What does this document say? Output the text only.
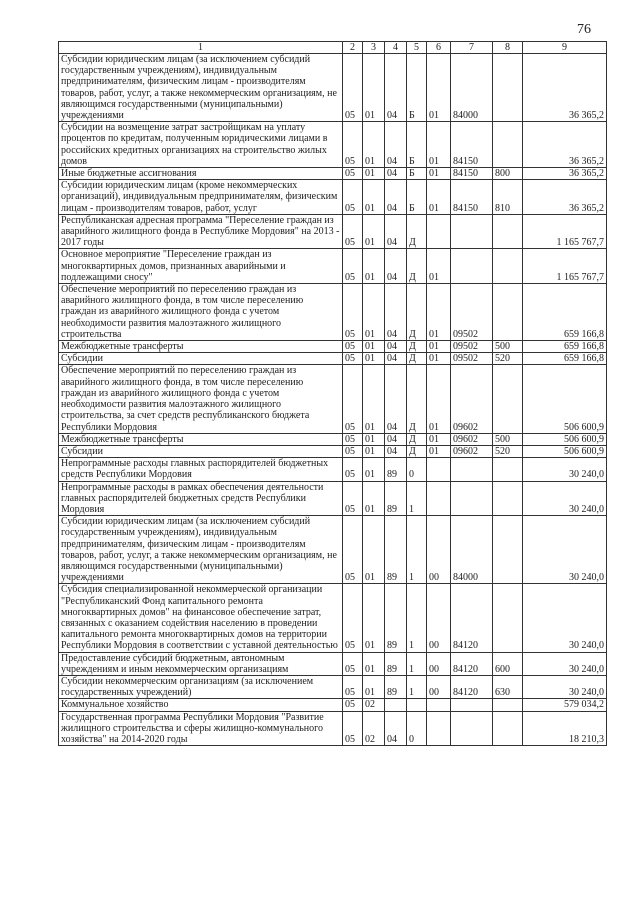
76
1	2	3	4	5	6	7	8	9
Субсидии юридическим лицам (за исключением субсидий государственным учреждениям), индивидуальным предпринимателям, физическим лицам - производителям товаров, работ, услуг, а также некоммерческим организациям, не являющимся государственными (муниципальными) учреждениями	05	01	04	Б	01	84000		36 365,2
Субсидии на возмещение затрат застройщикам на уплату процентов по кредитам, полученным юридическими лицами в российских кредитных организациях на строительство жилых домов	05	01	04	Б	01	84150		36 365,2
Иные бюджетные ассигнования	05	01	04	Б	01	84150	800	36 365,2
Субсидии юридическим лицам (кроме некоммерческих организаций), индивидуальным предпринимателям, физическим лицам - производителям товаров, работ, услуг	05	01	04	Б	01	84150	810	36 365,2
Республиканская адресная программа "Переселение граждан из аварийного жилищного фонда в Республике Мордовия" на 2013 - 2017 годы	05	01	04	Д				1 165 767,7
Основное мероприятие "Переселение граждан из многоквартирных домов, признанных аварийными и подлежащими сносу"	05	01	04	Д	01			1 165 767,7
Обеспечение мероприятий по переселению граждан из аварийного жилищного фонда, в том числе переселению граждан из аварийного жилищного фонда с учетом необходимости развития малоэтажного жилищного строительства	05	01	04	Д	01	09502		659 166,8
Межбюджетные трансферты	05	01	04	Д	01	09502	500	659 166,8
Субсидии	05	01	04	Д	01	09502	520	659 166,8
Обеспечение мероприятий по переселению граждан из аварийного жилищного фонда, в том числе переселению граждан из аварийного жилищного фонда с учетом необходимости развития малоэтажного жилищного строительства, за счет средств республиканского бюджета Республики Мордовия	05	01	04	Д	01	09602		506 600,9
Межбюджетные трансферты	05	01	04	Д	01	09602	500	506 600,9
Субсидии	05	01	04	Д	01	09602	520	506 600,9
Непрограммные расходы главных распорядителей бюджетных средств Республики Мордовия	05	01	89	0				30 240,0
Непрограммные расходы в рамках обеспечения деятельности главных распорядителей бюджетных средств Республики Мордовия	05	01	89	1				30 240,0
Субсидии юридическим лицам (за исключением субсидий государственным учреждениям), индивидуальным предпринимателям, физическим лицам - производителям товаров, работ, услуг, а также некоммерческим организациям, не являющимся государственными (муниципальными) учреждениями	05	01	89	1	00	84000		30 240,0
Субсидия специализированной некоммерческой организации "Республиканский Фонд капитального ремонта многоквартирных домов" на финансовое обеспечение затрат, связанных с оказанием содействия населению в проведении капитального ремонта многоквартирных домов на территории Республики Мордовия в соответствии с уставной деятельностью	05	01	89	1	00	84120		30 240,0
Предоставление субсидий бюджетным, автономным учреждениям и иным некоммерческим организациям	05	01	89	1	00	84120	600	30 240,0
Субсидии некоммерческим организациям (за исключением государственных учреждений)	05	01	89	1	00	84120	630	30 240,0
Коммунальное хозяйство	05	02						579 034,2
Государственная программа Республики Мордовия "Развитие жилищного строительства и сферы жилищно-коммунального хозяйства" на 2014-2020 годы	05	02	04	0				18 210,3
